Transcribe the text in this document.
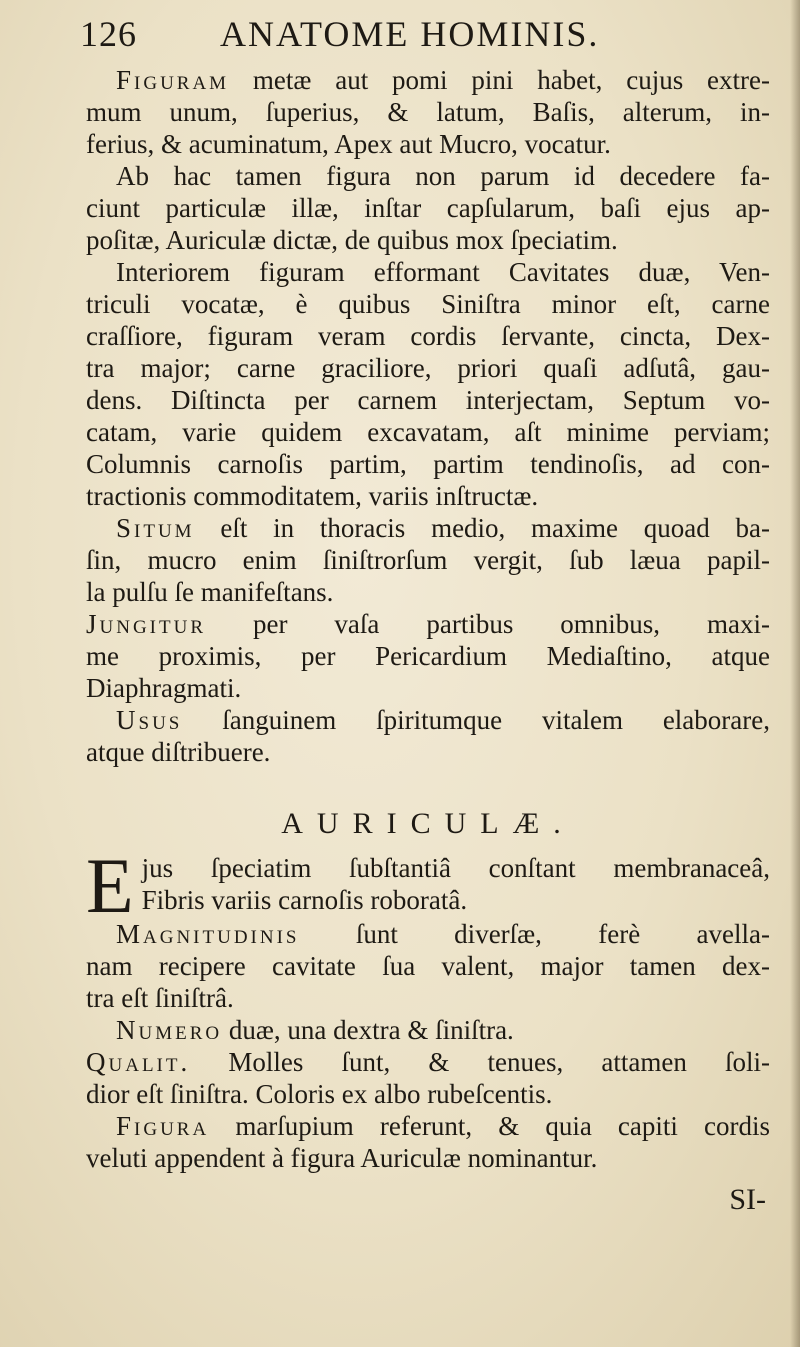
126	ANATOME HOMINIS.

Figuram metæ aut pomi pini habet, cujus extre-

mum unum, ſuperius, & latum, Baſis, alterum, in-

ferius, & acuminatum, Apex aut Mucro, vocatur.

Ab hac tamen figura non parum id decedere fa-

ciunt particulæ illæ, inſtar capſularum, baſi ejus ap-

poſitæ, Auriculæ dictæ, de quibus mox ſpeciatim.

Interiorem figuram efformant Cavitates duæ, Ven-

triculi vocatæ, è quibus Siniſtra minor eſt, carne

craſſiore, figuram veram cordis ſervante, cincta, Dex-

tra major; carne graciliore, priori quaſi adſutâ, gau-

dens. Diſtincta per carnem interjectam, Septum vo-

catam, varie quidem excavatam, aſt minime perviam;

Columnis carnoſis partim, partim tendinoſis, ad con-

tractionis commoditatem, variis inſtructæ.

Situm eſt in thoracis medio, maxime quoad ba-

ſin, mucro enim ſiniſtrorſum vergit, ſub læua papil-

la pulſu ſe manifeſtans.

Jungitur per vaſa partibus omnibus, maxi-

me proximis, per Pericardium Mediaſtino, atque

Diaphragmati.

Usus ſanguinem ſpiritumque vitalem elaborare,

atque diſtribuere.

AURICULÆ.
E jus ſpeciatim ſubſtantiâ conſtant membranaceâ,

Fibris variis carnoſis roboratâ.

Magnitudinis ſunt diverſæ, ferè avella-

nam recipere cavitate ſua valent, major tamen dex-

tra eſt ſiniſtrâ.

Numero duæ, una dextra & ſiniſtra.

Qualit. Molles ſunt, & tenues, attamen ſoli-

dior eſt ſiniſtra. Coloris ex albo rubeſcentis.

Figura marſupium referunt, & quia capiti cordis

veluti appendent à figura Auriculæ nominantur.

SI-
